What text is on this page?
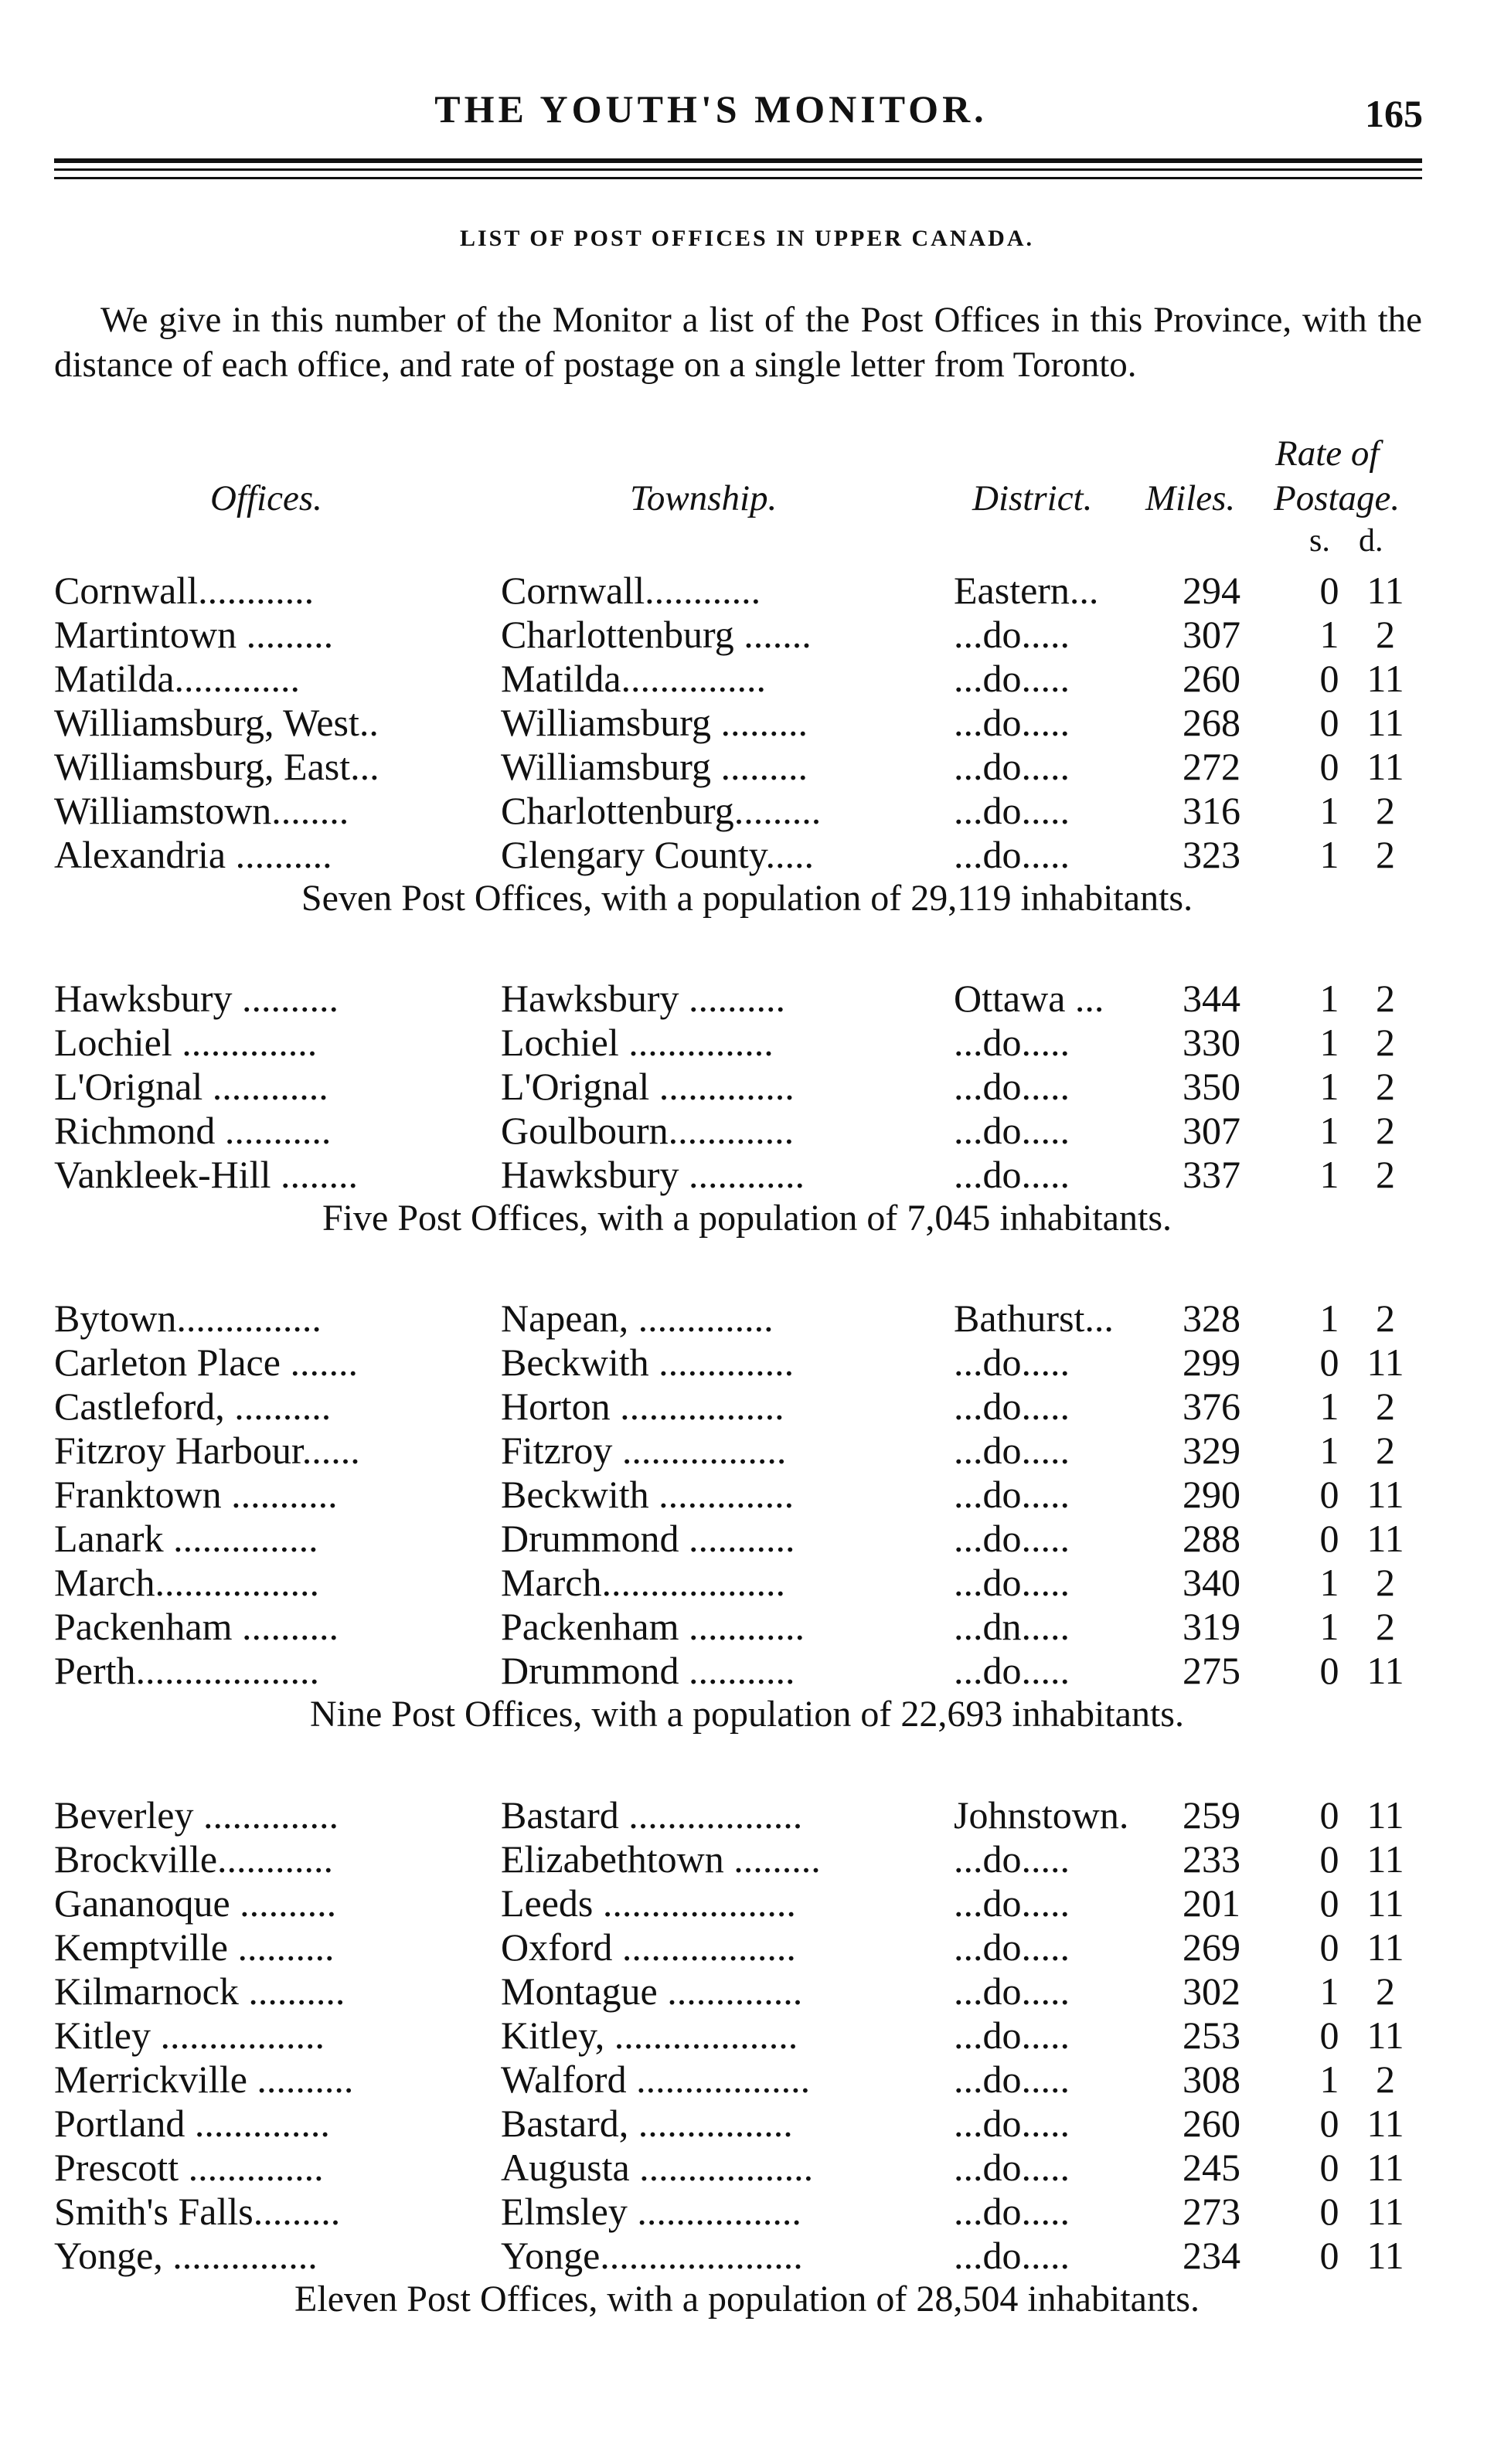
THE YOUTH'S MONITOR.	165
LIST OF POST OFFICES IN UPPER CANADA.

We give in this number of the Monitor a list of the Post Offices in this Province, with the distance of each office, and rate of postage on a single letter from Toronto.

Rate of
Offices.	Township.	District. Miles. Postage.
s. d.
Cornwall............	Cornwall............	Eastern...	294	0 11
Martintown .........	Charlottenburg .......	...do.....	307	1 2
Matilda.............	Matilda...............	...do.....	260	0 11
Williamsburg, West..	Williamsburg .........	...do.....	268	0 11
Williamsburg, East...	Williamsburg .........	...do.....	272	0 11
Williamstown........	Charlottenburg.........	...do.....	316	1 2
Alexandria ..........	Glengary County.....	...do.....	323	1 2
Seven Post Offices, with a population of 29,119 inhabitants.
Hawksbury ..........	Hawksbury ..........	Ottawa ...	344	1 2
Lochiel ..............	Lochiel ...............	...do.....	330	1 2
L'Orignal ............	L'Orignal ..............	...do.....	350	1 2
Richmond ...........	Goulbourn.............	...do.....	307	1 2
Vankleek-Hill ........	Hawksbury ............	...do.....	337	1 2
Five Post Offices, with a population of 7,045 inhabitants.
Bytown...............	Napean, ..............	Bathurst...	328	1 2
Carleton Place .......	Beckwith ..............	...do.....	299	0 11
Castleford, ..........	Horton .................	...do.....	376	1 2
Fitzroy Harbour......	Fitzroy .................	...do.....	329	1 2
Franktown ...........	Beckwith ..............	...do.....	290	0 11
Lanark ...............	Drummond ...........	...do.....	288	0 11
March.................	March...................	...do.....	340	1 2
Packenham ..........	Packenham ............	...dn.....	319	1 2
Perth...................	Drummond ...........	...do.....	275	0 11
Nine Post Offices, with a population of 22,693 inhabitants.
Beverley ..............	Bastard ..................	Johnstown.	259	0 11
Brockville............	Elizabethtown .........	...do.....	233	0 11
Gananoque ..........	Leeds ....................	...do.....	201	0 11
Kemptville ..........	Oxford ..................	...do.....	269	0 11
Kilmarnock ..........	Montague ..............	...do.....	302	1 2
Kitley .................	Kitley, ...................	...do.....	253	0 11
Merrickville ..........	Walford ..................	...do.....	308	1 2
Portland ..............	Bastard, ................	...do.....	260	0 11
Prescott ..............	Augusta ..................	...do.....	245	0 11
Smith's Falls.........	Elmsley .................	...do.....	273	0 11
Yonge, ...............	Yonge.....................	...do.....	234	0 11
Eleven Post Offices, with a population of 28,504 inhabitants.
